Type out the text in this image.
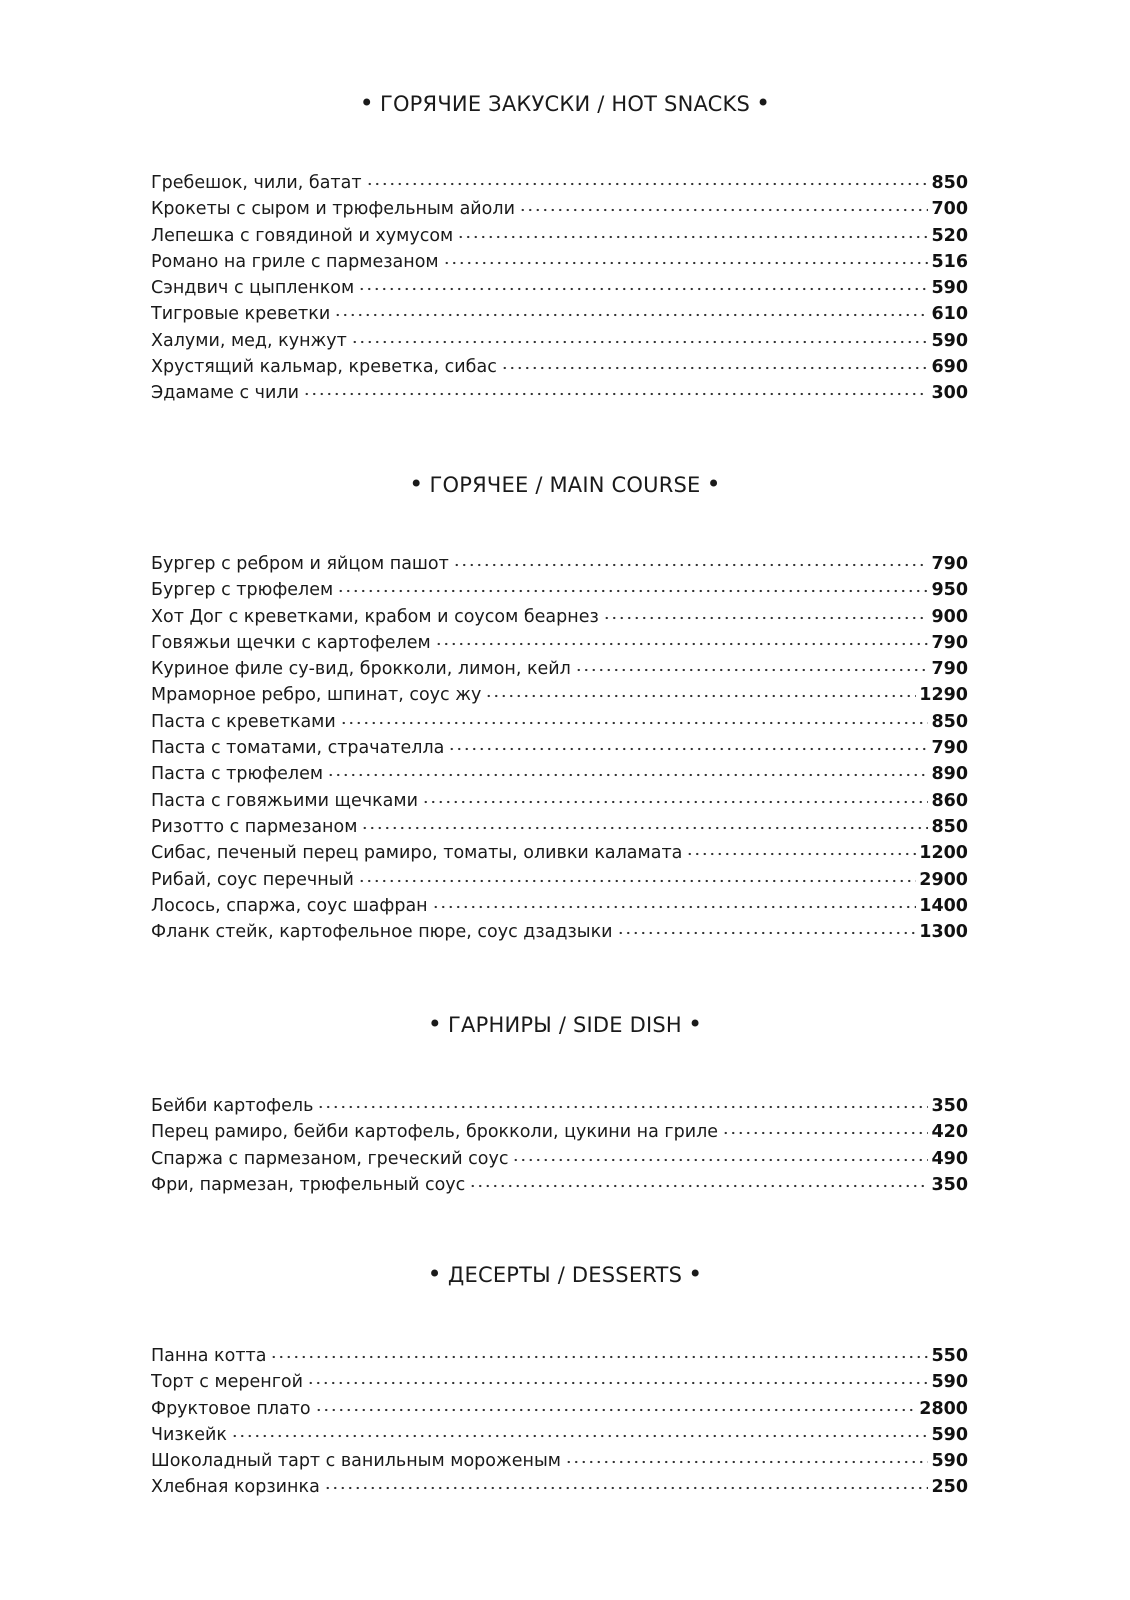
• ГОРЯЧИЕ ЗАКУСКИ / HOT SNACKS •
Гребешок, чили, батат	850
Крокеты с сыром и трюфельным айоли	700
Лепешка с говядиной и хумусом	520
Романо на гриле с пармезаном	516
Сэндвич с цыпленком	590
Тигровые креветки	610
Халуми, мед, кунжут	590
Хрустящий кальмар, креветка, сибас	690
Эдамаме с чили	300
• ГОРЯЧЕЕ / MAIN COURSE •
Бургер с ребром и яйцом пашот	790
Бургер с трюфелем	950
Хот Дог с креветками, крабом и соусом беарнез	900
Говяжьи щечки с картофелем	790
Куриное филе су-вид, брокколи, лимон, кейл	790
Мраморное ребро, шпинат, соус жу	1290
Паста с креветками	850
Паста с томатами, страчателла	790
Паста с трюфелем	890
Паста с говяжьими щечками	860
Ризотто с пармезаном	850
Сибас, печеный перец рамиро, томаты, оливки каламата	1200
Рибай, соус перечный	2900
Лосось, спаржа, соус шафран	1400
Фланк стейк, картофельное пюре, соус дзадзыки	1300
• ГАРНИРЫ / SIDE DISH •
Бейби картофель	350
Перец рамиро, бейби картофель, брокколи, цукини на гриле	420
Спаржа с пармезаном, греческий соус	490
Фри, пармезан, трюфельный соус	350
• ДЕСЕРТЫ / DESSERTS •
Панна котта	550
Торт с меренгой	590
Фруктовое плато	2800
Чизкейк	590
Шоколадный тарт с ванильным мороженым	590
Хлебная корзинка	250
